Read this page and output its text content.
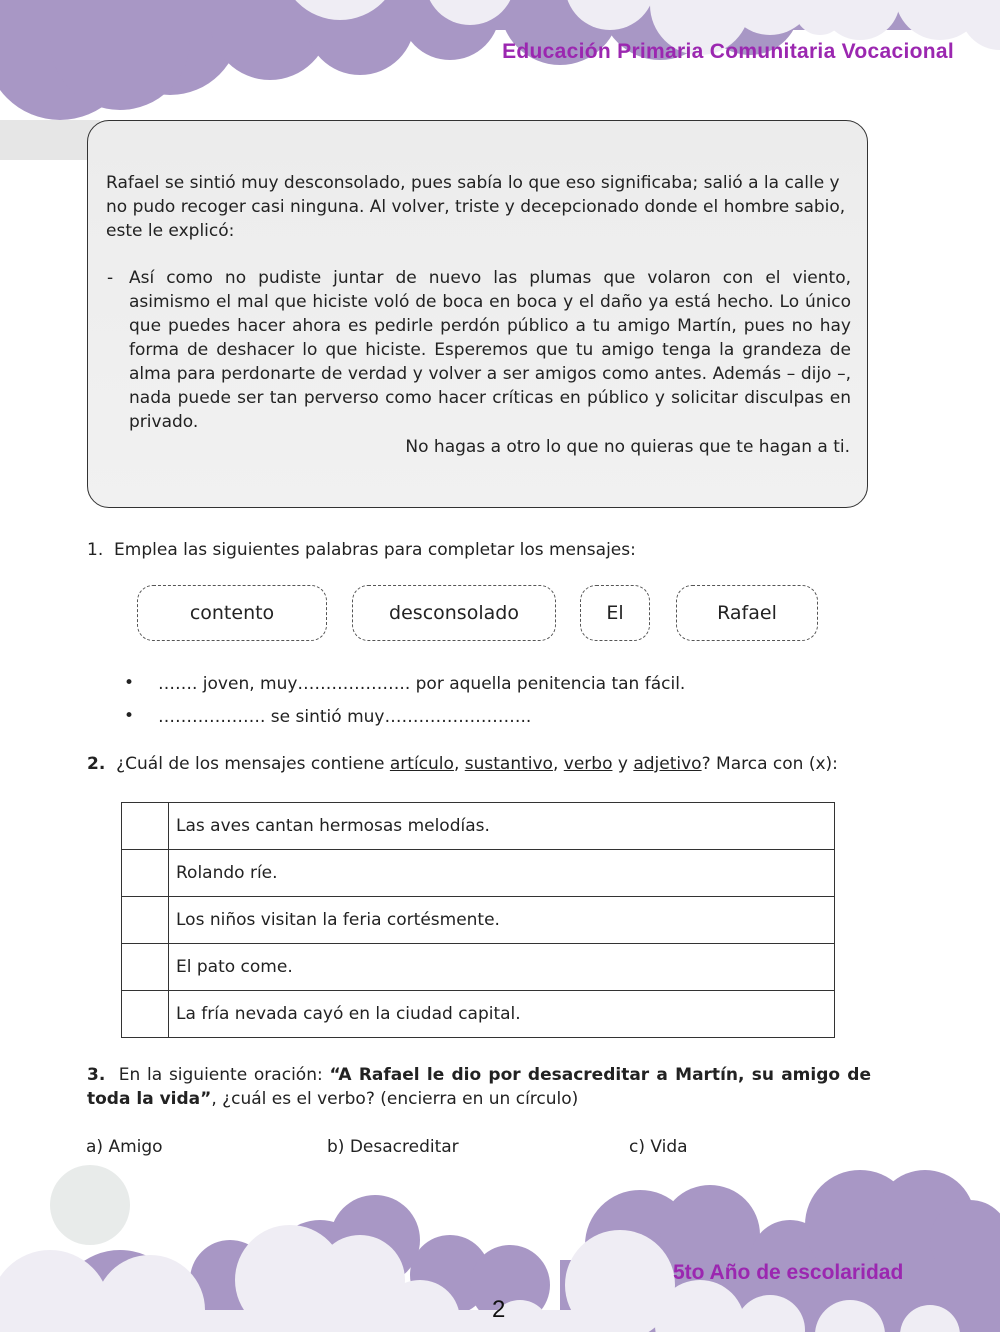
Educación Primaria Comunitaria Vocacional
Rafael se sintió muy desconsolado, pues sabía lo que eso significaba; salió a la calle y no pudo recoger casi ninguna. Al volver, triste y decepcionado donde el hombre sabio, este le explicó:
- Así como no pudiste juntar de nuevo las plumas que volaron con el viento, asimismo el mal que hiciste voló de boca en boca y el daño ya está hecho. Lo único que puedes hacer ahora es pedirle perdón público a tu amigo Martín, pues no hay forma de deshacer lo que hiciste. Esperemos que tu amigo tenga la grandeza de alma para perdonarte de verdad y volver a ser amigos como antes. Además – dijo –, nada puede ser tan perverso como hacer críticas en público y solicitar disculpas en privado.
No hagas a otro lo que no quieras que te hagan a ti.
1. Emplea las siguientes palabras para completar los mensajes:
contento	desconsolado	El	Rafael
• ……. joven, muy……………….. por aquella penitencia tan fácil.
• ………………. se sintió muy……………………..
2. ¿Cuál de los mensajes contiene artículo, sustantivo, verbo y adjetivo? Marca con (x):
	Las aves cantan hermosas melodías.
	Rolando ríe.
	Los niños visitan la feria cortésmente.
	El pato come.
	La fría nevada cayó en la ciudad capital.
3. En la siguiente oración: “A Rafael le dio por desacreditar a Martín, su amigo de toda la vida”, ¿cuál es el verbo? (encierra en un círculo)
a) Amigo	b) Desacreditar	c) Vida
5to Año de escolaridad
2
